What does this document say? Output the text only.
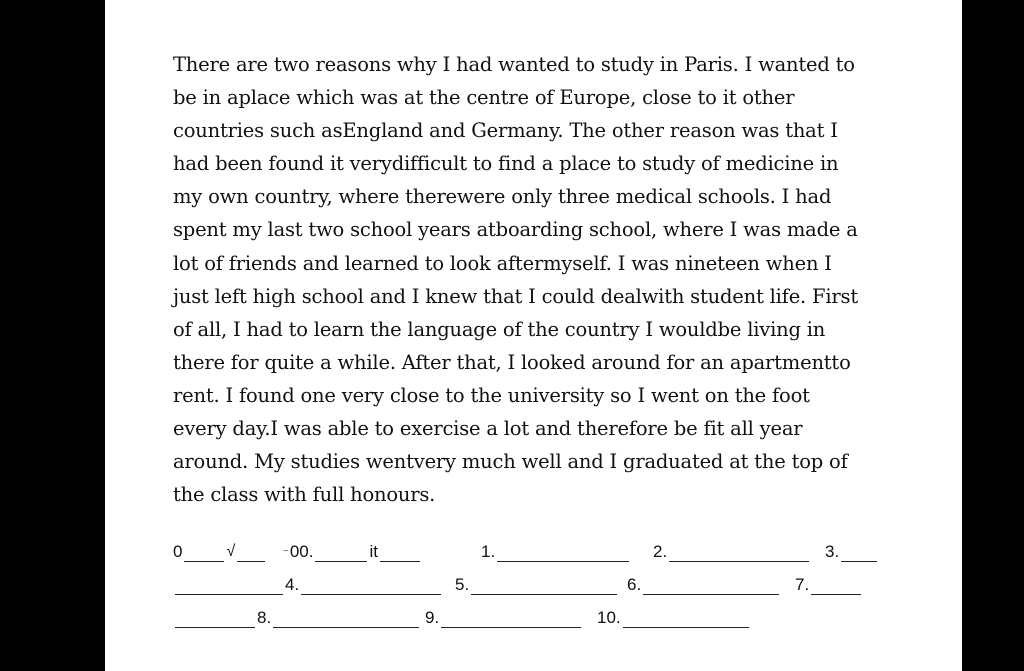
There are two reasons why I had wanted to study in Paris. I wanted to
be in aplace which was at the centre of Europe, close to it other
countries such asEngland and Germany. The other reason was that I
had been found it verydifficult to find a place to study of medicine in
my own country, where therewere only three medical schools. I had
spent my last two school years atboarding school, where I was made a
lot of friends and learned to look aftermyself. I was nineteen when I
just left high school and I knew that I could dealwith student life. First
of all, I had to learn the language of the country I wouldbe living in
there for quite a while. After that, I looked around for an apartmentto
rent. I found one very close to the university so I went on the foot
every day.I was able to exercise a lot and therefore be fit all year
around. My studies wentvery much well and I graduated at the top of
the class with full honours.
0	√	~ 00.	it	1.	2.	3.
4.	5.	6.	7.
8.	9.	10.
